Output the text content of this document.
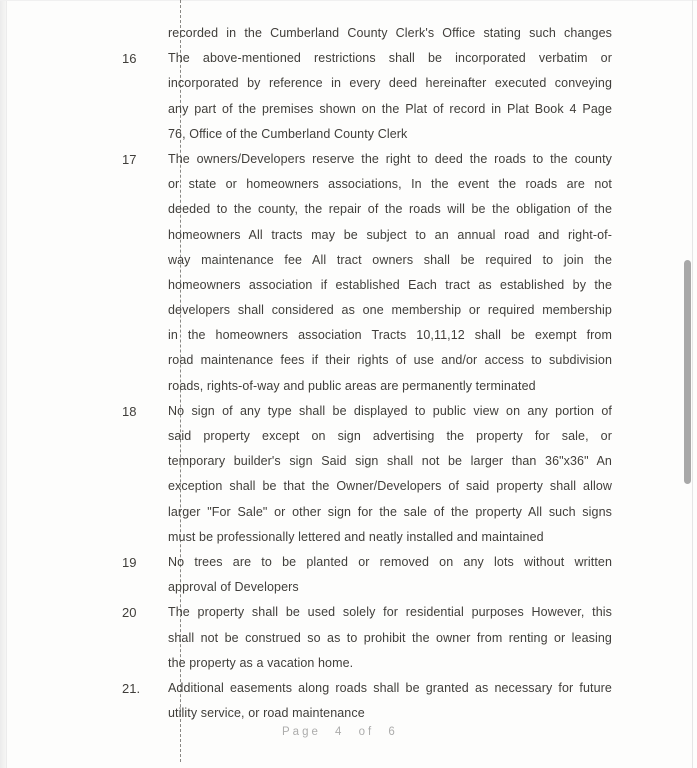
recorded in the Cumberland County Clerk's Office stating such changes
16	The above-mentioned restrictions shall be incorporated verbatim or
incorporated by reference in every deed hereinafter executed conveying
any part of the premises shown on the Plat of record in Plat Book 4 Page
76, Office of the Cumberland County Clerk
17	The owners/Developers reserve the right to deed the roads to the county
or state or homeowners associations, In the event the roads are not
deeded to the county, the repair of the roads will be the obligation of the
homeowners All tracts may be subject to an annual road and right-of-
way maintenance fee All tract owners shall be required to join the
homeowners association if established Each tract as established by the
developers shall considered as one membership or required membership
in the homeowners association Tracts 10,11,12 shall be exempt from
road maintenance fees if their rights of use and/or access to subdivision
roads, rights-of-way and public areas are permanently terminated
18	No sign of any type shall be displayed to public view on any portion of
said property except on sign advertising the property for sale, or
temporary builder's sign Said sign shall not be larger than 36"x36" An
exception shall be that the Owner/Developers of said property shall allow
larger "For Sale" or other sign for the sale of the property All such signs
must be professionally lettered and neatly installed and maintained
19	No trees are to be planted or removed on any lots without written
approval of Developers
20	The property shall be used solely for residential purposes However, this
shall not be construed so as to prohibit the owner from renting or leasing
the property as a vacation home.
21.	Additional easements along roads shall be granted as necessary for future
utility service, or road maintenance
Page 4 of 6
